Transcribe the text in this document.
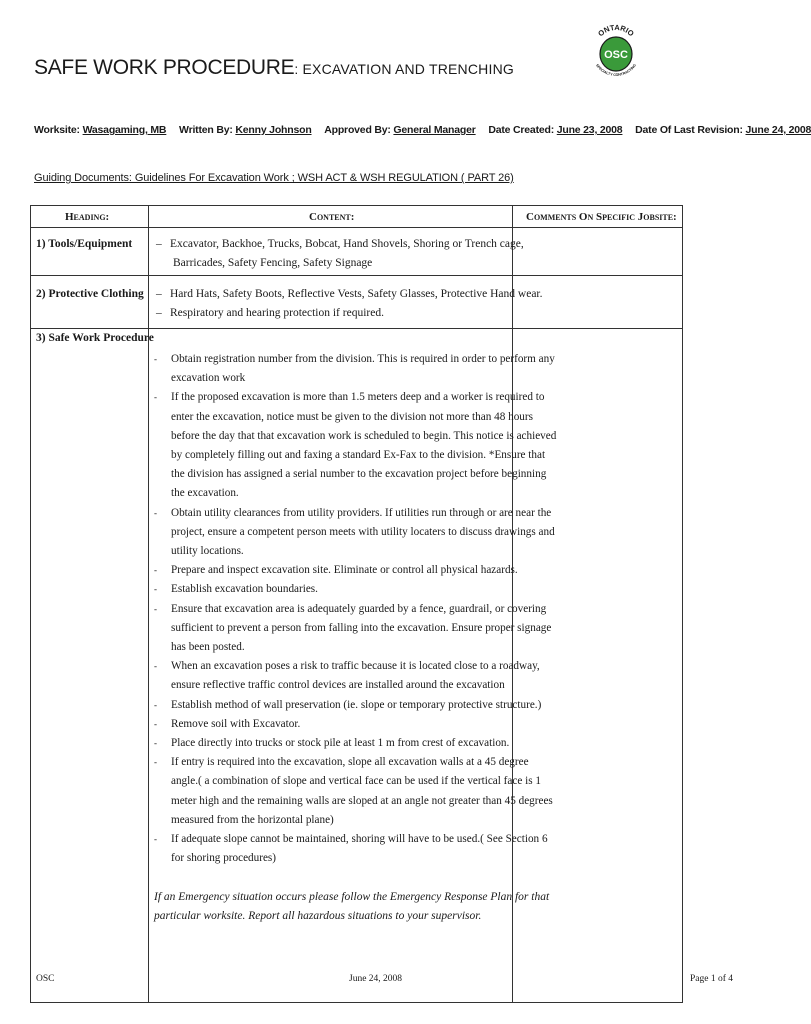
SAFE WORK PROCEDURE: EXCAVATION AND TRENCHING
ONTARIO
OSC
SPECIALTY CONTRACTING
Worksite: Wasagaming, MB Written By: Kenny Johnson Approved By: General Manager Date Created: June 23, 2008 Date Of Last Revision: June 24, 2008
Guiding Documents: Guidelines For Excavation Work ; WSH ACT & WSH REGULATION ( PART 26)
Heading:	Content:	Comments On Specific Jobsite:
1) Tools/Equipment – Excavator, Backhoe, Trucks, Bobcat, Hand Shovels, Shoring or Trench cage,
Barricades, Safety Fencing, Safety Signage
2) Protective Clothing – Hard Hats, Safety Boots, Reflective Vests, Safety Glasses, Protective Hand wear.
– Respiratory and hearing protection if required.
3) Safe Work Procedure
- Obtain registration number from the division. This is required in order to perform any
excavation work
- If the proposed excavation is more than 1.5 meters deep and a worker is required to
enter the excavation, notice must be given to the division not more than 48 hours
before the day that that excavation work is scheduled to begin. This notice is achieved
by completely filling out and faxing a standard Ex-Fax to the division. *Ensure that
the division has assigned a serial number to the excavation project before beginning
the excavation.
- Obtain utility clearances from utility providers. If utilities run through or are near the
project, ensure a competent person meets with utility locaters to discuss drawings and
utility locations.
- Prepare and inspect excavation site. Eliminate or control all physical hazards.
- Establish excavation boundaries.
- Ensure that excavation area is adequately guarded by a fence, guardrail, or covering
sufficient to prevent a person from falling into the excavation. Ensure proper signage
has been posted.
- When an excavation poses a risk to traffic because it is located close to a roadway,
ensure reflective traffic control devices are installed around the excavation
- Establish method of wall preservation (ie. slope or temporary protective structure.)
- Remove soil with Excavator.
- Place directly into trucks or stock pile at least 1 m from crest of excavation.
- If entry is required into the excavation, slope all excavation walls at a 45 degree
angle.( a combination of slope and vertical face can be used if the vertical face is 1
meter high and the remaining walls are sloped at an angle not greater than 45 degrees
measured from the horizontal plane)
- If adequate slope cannot be maintained, shoring will have to be used.( See Section 6
for shoring procedures)
If an Emergency situation occurs please follow the Emergency Response Plan for that
particular worksite. Report all hazardous situations to your supervisor.
OSC	June 24, 2008	Page 1 of 4
